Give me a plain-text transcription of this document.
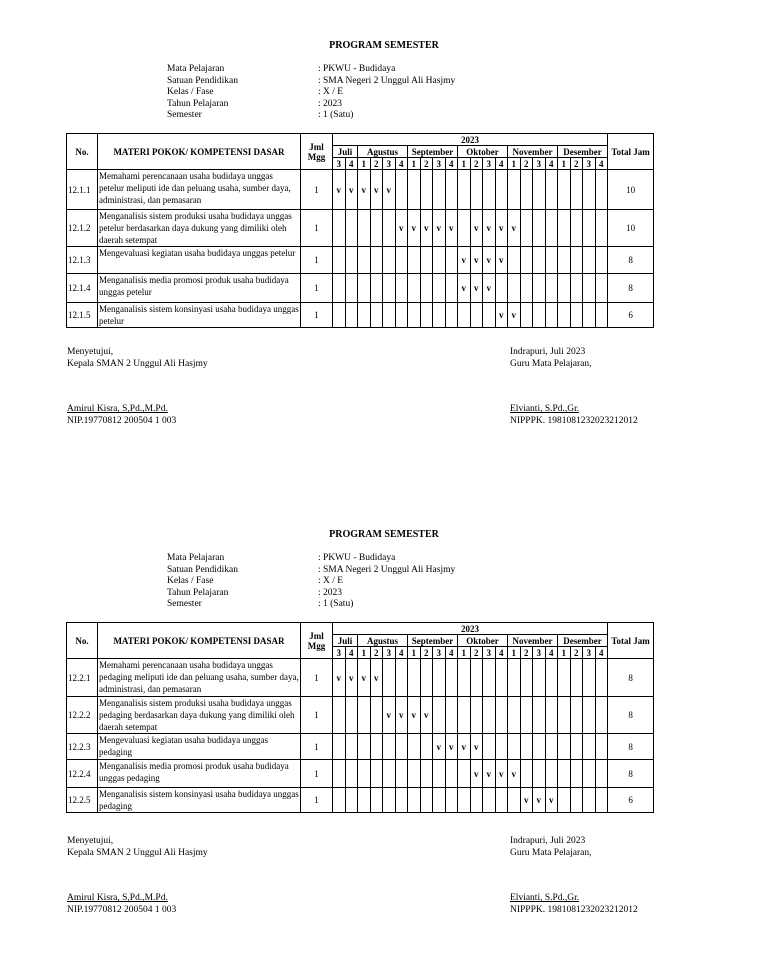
PROGRAM SEMESTER
Mata Pelajaran	: PKWU - Budidaya
Satuan Pendidikan	: SMA Negeri 2 Unggul Ali Hasjmy
Kelas / Fase	: X / E
Tahun Pelajaran	: 2023
Semester	: 1 (Satu)
No.	MATERI POKOK/ KOMPETENSI DASAR	Jml Mgg	2023																						Total Jam
			Juli		Agustus				September				Oktober				November				Desember				
			3	4	1	2	3	4	1	2	3	4	1	2	3	4	1	2	3	4	1	2	3	4	
12.1.1	Memahami perencanaan usaha budidaya unggas petelur meliputi ide dan peluang usaha, sumber daya, administrasi, dan pemasaran	1	v	v	v	v	v																		10
12.1.2	Menganalisis sistem produksi usaha budidaya unggas petelur berdasarkan daya dukung yang dimiliki oleh daerah setempat	1						v	v	v	v	v		v	v	v	v								10
12.1.3	Mengevaluasi kegiatan usaha budidaya unggas petelur	1											v	v	v	v									8
12.1.4	Menganalisis media promosi produk usaha budidaya unggas petelur	1											v	v	v										8
12.1.5	Menganalisis sistem konsinyasi usaha budidaya unggas petelur	1														v	v								6
Menyetujui,
Kepala SMAN 2 Unggul Ali Hasjmy
Amirul Kisra, S,Pd.,M.Pd.
NIP.19770812 200504 1 003
Indrapuri, Juli 2023
Guru Mata Pelajaran,
Elvianti, S.Pd.,Gr.
NIPPPK. 1981081232023212012
PROGRAM SEMESTER
Mata Pelajaran	: PKWU - Budidaya
Satuan Pendidikan	: SMA Negeri 2 Unggul Ali Hasjmy
Kelas / Fase	: X / E
Tahun Pelajaran	: 2023
Semester	: 1 (Satu)
No.	MATERI POKOK/ KOMPETENSI DASAR	Jml Mgg	2023																						Total Jam
			Juli		Agustus				September				Oktober				November				Desember				
			3	4	1	2	3	4	1	2	3	4	1	2	3	4	1	2	3	4	1	2	3	4	
12.2.1	Memahami perencanaan usaha budidaya unggas pedaging meliputi ide dan peluang usaha, sumber daya, administrasi, dan pemasaran	1	v	v	v	v																			8
12.2.2	Menganalisis sistem produksi usaha budidaya unggas pedaging berdasarkan daya dukung yang dimiliki oleh daerah setempat	1					v	v	v	v															8
12.2.3	Mengevaluasi kegiatan usaha budidaya unggas pedaging	1									v	v	v	v											8
12.2.4	Menganalisis media promosi produk usaha budidaya unggas pedaging	1												v	v	v	v								8
12.2.5	Menganalisis sistem konsinyasi usaha budidaya unggas pedaging	1																v	v	v					6
Menyetujui,
Kepala SMAN 2 Unggul Ali Hasjmy
Amirul Kisra, S,Pd.,M.Pd.
NIP.19770812 200504 1 003
Indrapuri, Juli 2023
Guru Mata Pelajaran,
Elvianti, S.Pd.,Gr.
NIPPPK. 1981081232023212012
